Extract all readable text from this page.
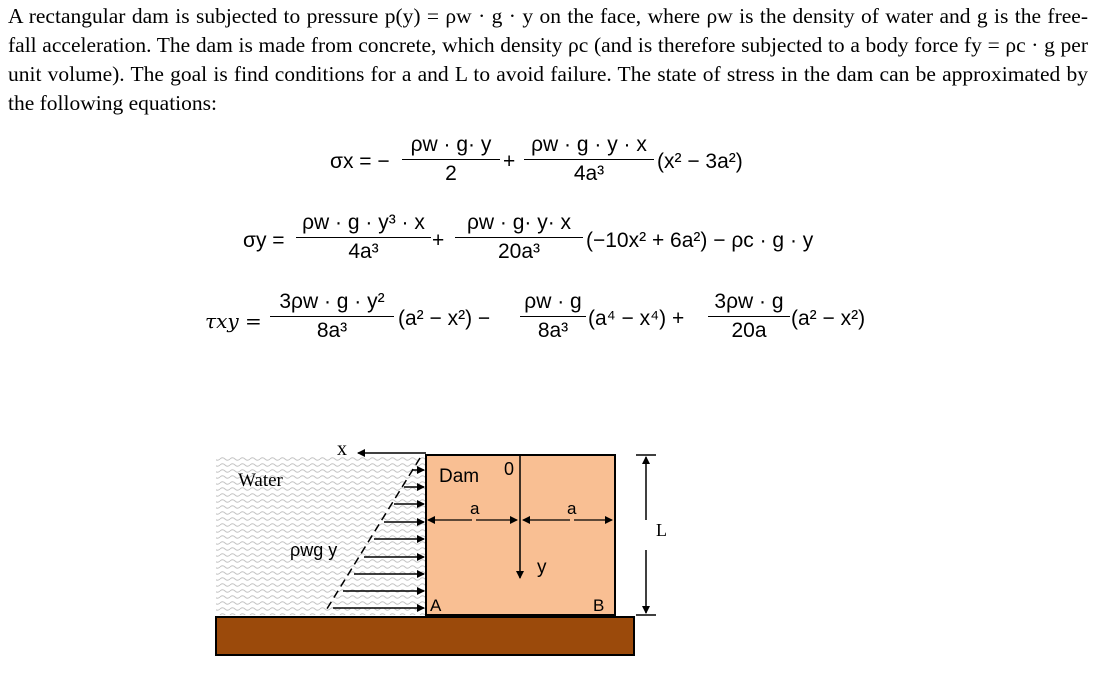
A rectangular dam is subjected to pressure p(y) = ρw · g · y on the face, where ρw is the density of water and g is the free-fall acceleration. The dam is made from concrete, which density ρc (and is therefore subjected to a body force fy = ρc · g per unit volume). The goal is find conditions for a and L to avoid failure. The state of stress in the dam can be approximated by the following equations:
σx = −
ρw · g· y
2
+
ρw · g · y · x
4a³
(x² − 3a²)
σy =
ρw · g · y³ · x
4a³	+
ρw · g· y· x
20a³	(−10x² + 6a²) − ρc · g · y
τxy =
3ρw · g · y²
8a³
(a² − x²) −
ρw · g
8a³
(a⁴ − x⁴) +
3ρw · g
20a
(a² − x²)
Water
ρwg y
x
Dam 0
a	a
y
L
A	B
